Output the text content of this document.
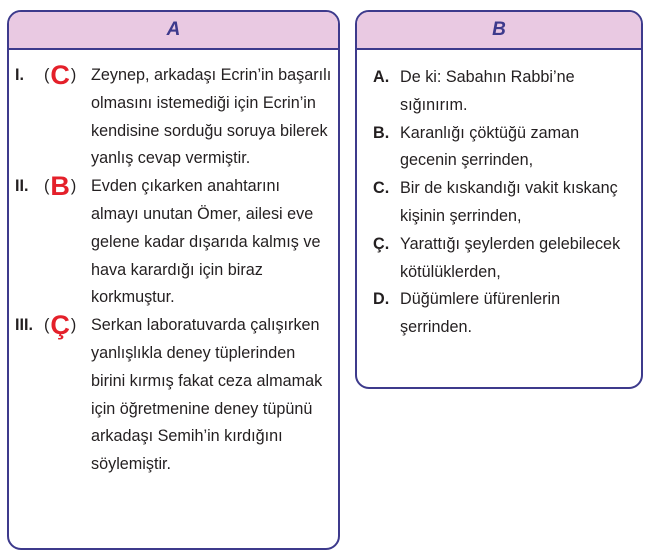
A
I. (C) Zeynep, arkadaşı Ecrin’in başarılı olmasını istemediği için Ecrin’in kendisine sorduğu soruya bilerek yanlış cevap vermiştir.
II. (B) Evden çıkarken anahtarını almayı unutan Ömer, ailesi eve gelene kadar dışarıda kalmış ve hava karardığı için biraz korkmuştur.
III. (Ç) Serkan laboratuvarda çalışırken yanlışlıkla deney tüplerinden birini kırmış fakat ceza almamak için öğretmenine deney tüpünü arkadaşı Semih’in kırdığını söylemiştir.
B
A. De ki: Sabahın Rabbi’ne sığınırım.
B. Karanlığı çöktüğü zaman gecenin şerrinden,
C. Bir de kıskandığı vakit kıskanç kişinin şerrinden,
Ç. Yarattığı şeylerden gelebilecek kötülüklerden,
D. Düğümlere üfürenlerin şerrinden.
